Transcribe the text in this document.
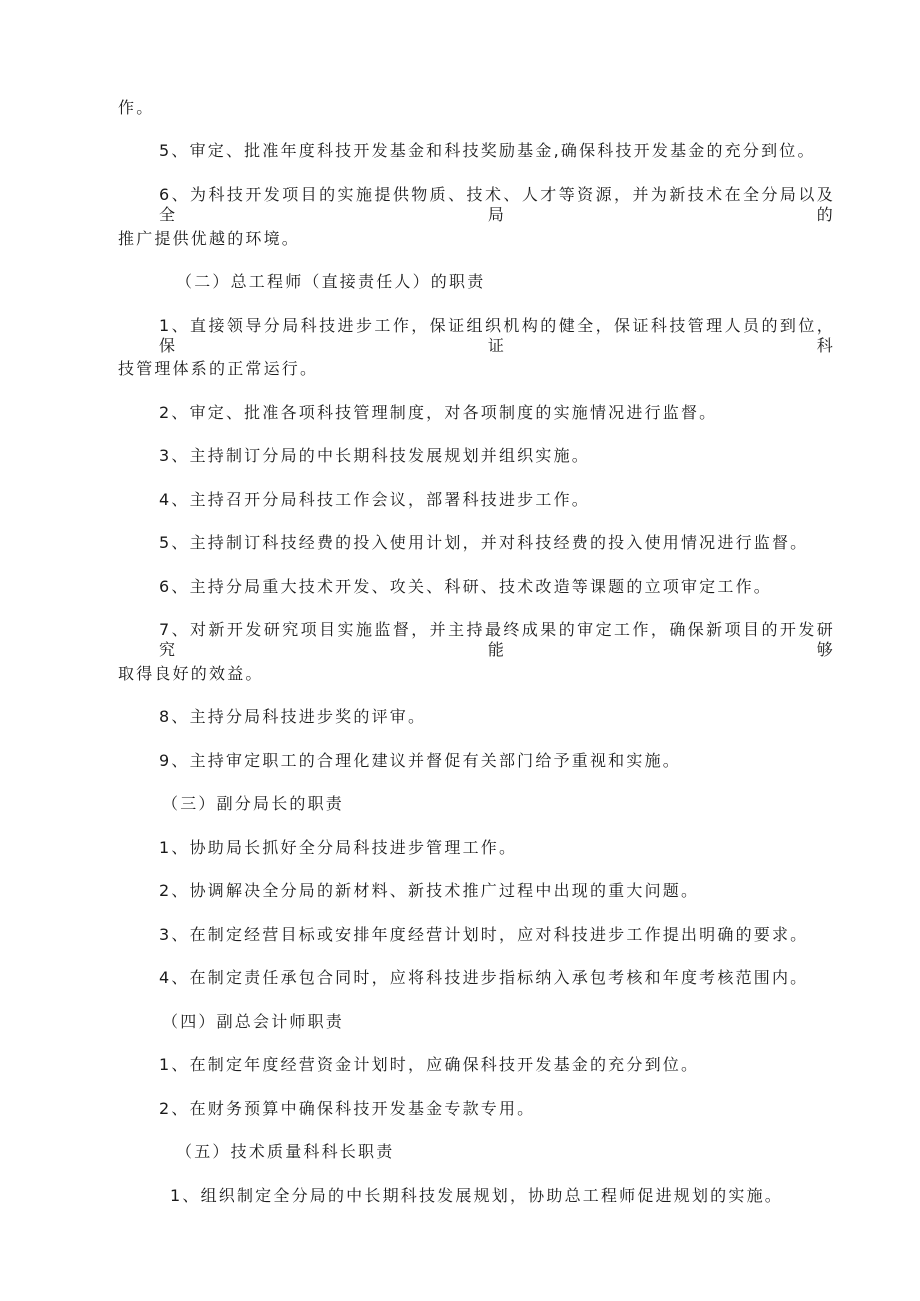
作。
5、审定、批准年度科技开发基金和科技奖励基金,确保科技开发基金的充分到位。
6、为科技开发项目的实施提供物质、技术、人才等资源，并为新技术在全分局以及全局的
推广提供优越的环境。
（二）总工程师（直接责任人）的职责
1、直接领导分局科技进步工作，保证组织机构的健全，保证科技管理人员的到位，保证科
技管理体系的正常运行。
2、审定、批准各项科技管理制度，对各项制度的实施情况进行监督。
3、主持制订分局的中长期科技发展规划并组织实施。
4、主持召开分局科技工作会议，部署科技进步工作。
5、主持制订科技经费的投入使用计划，并对科技经费的投入使用情况进行监督。
6、主持分局重大技术开发、攻关、科研、技术改造等课题的立项审定工作。
7、对新开发研究项目实施监督，并主持最终成果的审定工作，确保新项目的开发研究能够
取得良好的效益。
8、主持分局科技进步奖的评审。
9、主持审定职工的合理化建议并督促有关部门给予重视和实施。
（三）副分局长的职责
1、协助局长抓好全分局科技进步管理工作。
2、协调解决全分局的新材料、新技术推广过程中出现的重大问题。
3、在制定经营目标或安排年度经营计划时，应对科技进步工作提出明确的要求。
4、在制定责任承包合同时，应将科技进步指标纳入承包考核和年度考核范围内。
（四）副总会计师职责
1、在制定年度经营资金计划时，应确保科技开发基金的充分到位。
2、在财务预算中确保科技开发基金专款专用。
（五）技术质量科科长职责
1、组织制定全分局的中长期科技发展规划，协助总工程师促进规划的实施。
